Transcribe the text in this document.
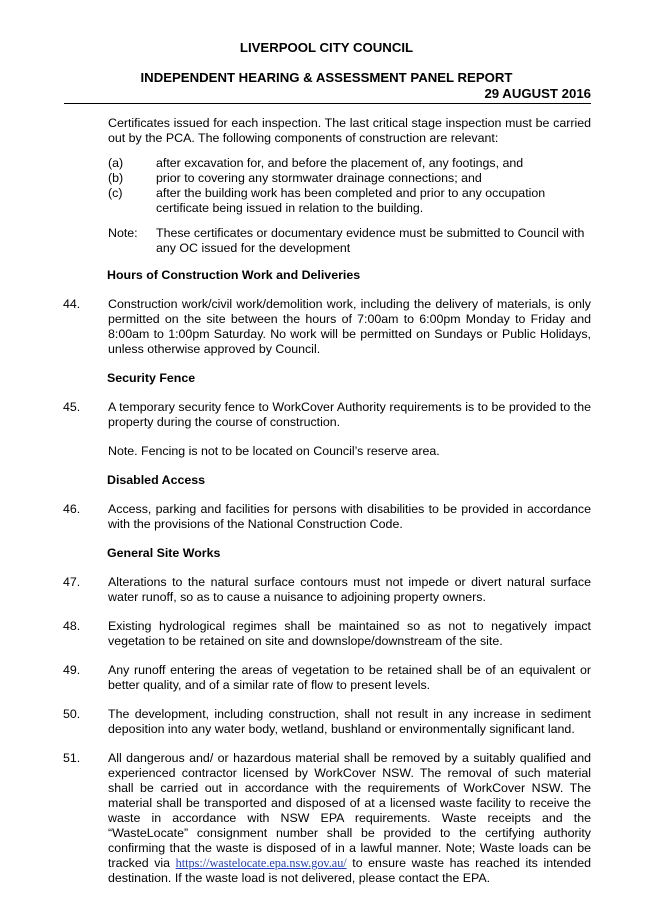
LIVERPOOL CITY COUNCIL
INDEPENDENT HEARING & ASSESSMENT PANEL REPORT
29 AUGUST 2016

Certificates issued for each inspection. The last critical stage inspection must be carried out by the PCA. The following components of construction are relevant:

(a)	after excavation for, and before the placement of, any footings, and
(b)	prior to covering any stormwater drainage connections; and
(c)	after the building work has been completed and prior to any occupation certificate being issued in relation to the building.
Note:	These certificates or documentary evidence must be submitted to Council with any OC issued for the development
Hours of Construction Work and Deliveries
44.	Construction work/civil work/demolition work, including the delivery of materials, is only permitted on the site between the hours of 7:00am to 6:00pm Monday to Friday and 8:00am to 1:00pm Saturday. No work will be permitted on Sundays or Public Holidays, unless otherwise approved by Council.
Security Fence
45.	A temporary security fence to WorkCover Authority requirements is to be provided to the property during the course of construction.

Note. Fencing is not to be located on Council’s reserve area.

Disabled Access
46.	Access, parking and facilities for persons with disabilities to be provided in accordance with the provisions of the National Construction Code.
General Site Works
47.	Alterations to the natural surface contours must not impede or divert natural surface water runoff, so as to cause a nuisance to adjoining property owners.
48.	Existing hydrological regimes shall be maintained so as not to negatively impact vegetation to be retained on site and downslope/downstream of the site.
49.	Any runoff entering the areas of vegetation to be retained shall be of an equivalent or better quality, and of a similar rate of flow to present levels.
50.	The development, including construction, shall not result in any increase in sediment deposition into any water body, wetland, bushland or environmentally significant land.
51.	All dangerous and/ or hazardous material shall be removed by a suitably qualified and experienced contractor licensed by WorkCover NSW. The removal of such material shall be carried out in accordance with the requirements of WorkCover NSW. The material shall be transported and disposed of at a licensed waste facility to receive the waste in accordance with NSW EPA requirements. Waste receipts and the “WasteLocate” consignment number shall be provided to the certifying authority confirming that the waste is disposed of in a lawful manner. Note; Waste loads can be tracked via https://wastelocate.epa.nsw.gov.au/ to ensure waste has reached its intended destination. If the waste load is not delivered, please contact the EPA.
